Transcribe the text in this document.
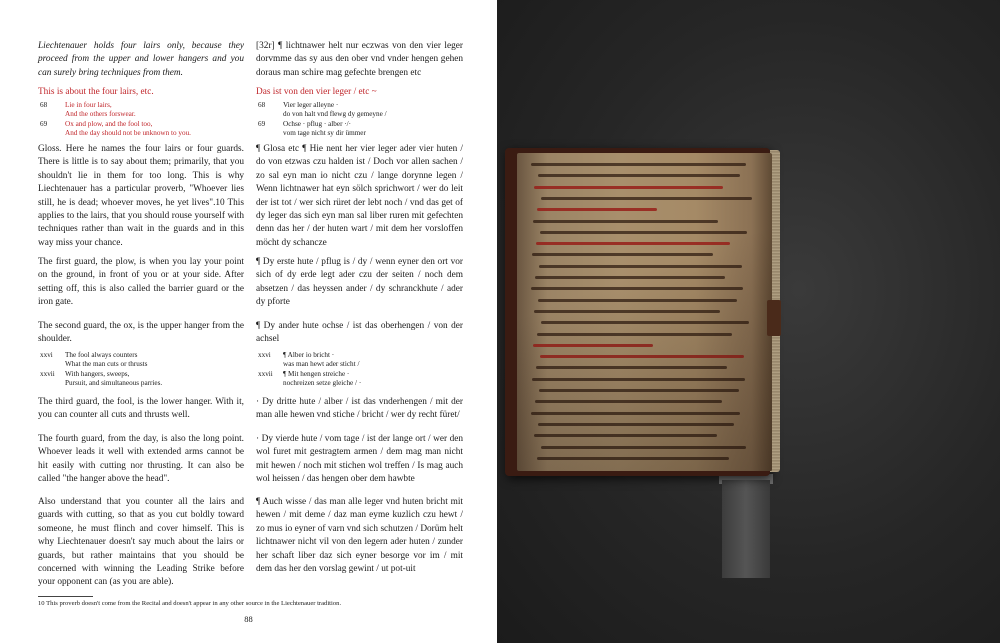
Liechtenauer holds four lairs only, because they proceed from the upper and lower hangers and you can surely bring techniques from them.

This is about the four lairs, etc.

68 Lie in four lairs,
And the others forswear.
69 Ox and plow, and the fool too,
And the day should not be unknown to you.

Gloss. Here he names the four lairs or four guards. There is little is to say about them; primarily, that you shouldn't lie in them for too long. This is why Liechtenauer has a particular proverb, "Whoever lies still, he is dead; whoever moves, he yet lives".10 This applies to the lairs, that you should rouse yourself with techniques rather than wait in the guards and in this way miss your chance.

The first guard, the plow, is when you lay your point on the ground, in front of you or at your side. After setting off, this is also called the barrier guard or the iron gate.

The second guard, the ox, is the upper hanger from the shoulder.

xxvi The fool always counters
What the man cuts or thrusts
xxvii With hangers, sweeps,
Pursuit, and simultaneous parries.

The third guard, the fool, is the lower hanger. With it, you can counter all cuts and thrusts well.

The fourth guard, from the day, is also the long point. Whoever leads it well with extended arms cannot be hit easily with cutting nor thrusting. It can also be called "the hanger above the head".

Also understand that you counter all the lairs and guards with cutting, so that as you cut boldly toward someone, he must flinch and cover himself. This is why Liechtenauer doesn't say much about the lairs or guards, but rather maintains that you should be concerned with winning the Leading Strike before your opponent can (as you are able).

[32r] ¶ lichtnawer helt nur eczwas von den vier leger dorvmme das sy aus den ober vnd vnder hengen gehen doraus man schire mag gefechte brengen etc

Das ist von den vier leger / etc ~

68 Vier leger alleyne ·
do von halt vnd flewg dy gemeyne /
69 Ochse · pflug · alber ·/·
vom tage nicht sy dir ümmer

¶ Glosa etc ¶ Hie nent her vier leger ader vier huten / do von etzwas czu halden ist / Doch vor allen sachen / zo sal eyn man io nicht czu / lange dorynne legen / Wenn lichtnawer hat eyn sölch sprichwort / wer do leit der ist tot / wer sich rüret der lebt noch / vnd das get of dy leger das sich eyn man sal liber ruren mit gefechten denn das her / der huten wart / mit dem her vorsloffen möcht dy schancze

¶ Dy erste hute / pflug is / dy / wenn eyner den ort vor sich of dy erde legt ader czu der seiten / noch dem absetzen / das heyssen ander / dy schranckhute / ader dy pforte

¶ Dy ander hute ochse / ist das oberhengen / von der achsel

xxvi ¶ Alber io bricht ·
was man hewt ader sticht /
xxvii ¶ Mit hengen streiche ·
nochreizen setze gleiche / ·

· Dy dritte hute / alber / ist das vnderhengen / mit der man alle hewen vnd stiche / bricht / wer dy recht füret/

· Dy vierde hute / vom tage / ist der lange ort / wer den wol furet mit gestragtem armen / dem mag man nicht mit hewen / noch mit stichen wol treffen / Is mag auch wol heissen / das hengen ober dem hawbte

¶ Auch wisse / das man alle leger vnd huten bricht mit hewen / mit deme / daz man eyme kuzlich czu hewt / zo mus io eyner of varn vnd sich schutzen / Dorüm helt lichtnawer nicht vil von den legern ader huten / zunder her schaft liber daz sich eyner besorge vor im / mit dem das her den vorslag gewint / ut pot-uit

10 This proverb doesn't come from the Recital and doesn't appear in any other source in the Liechtenauer tradition.
88
